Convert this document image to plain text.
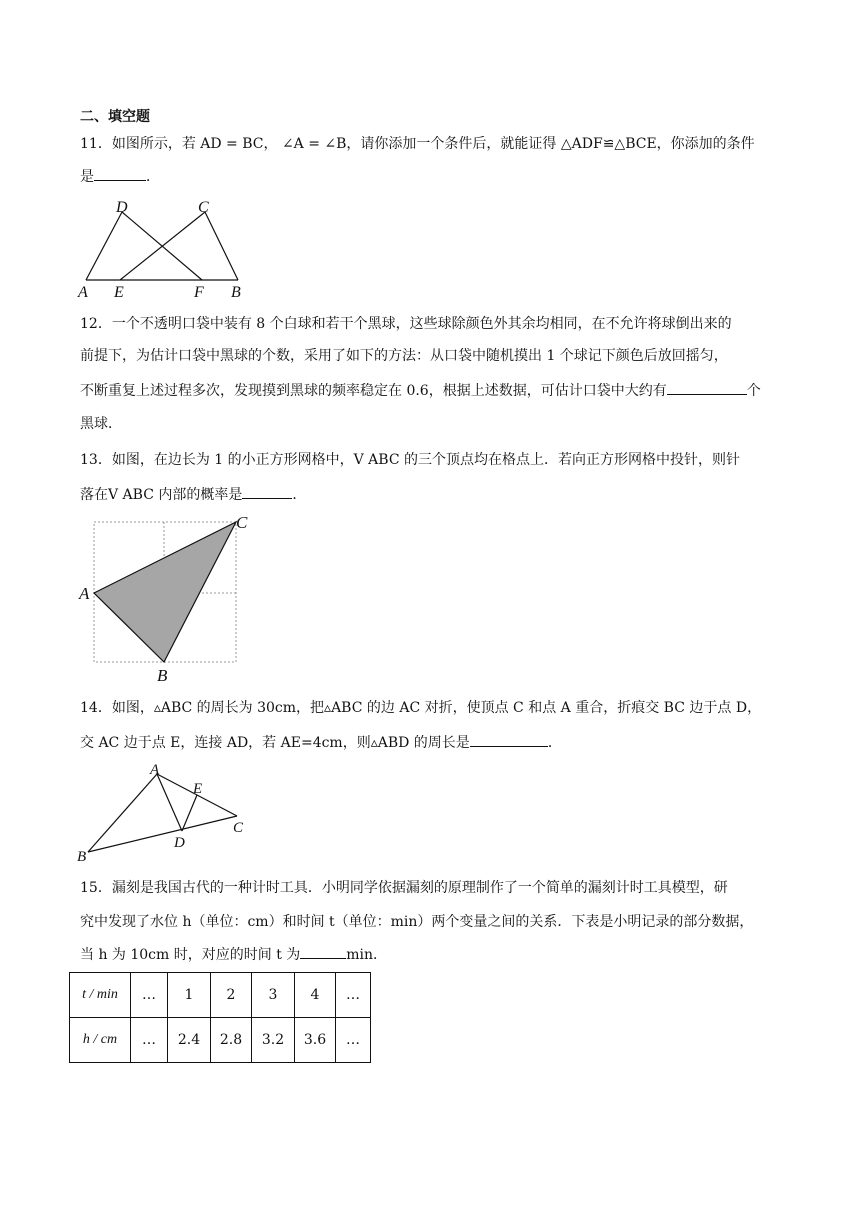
二、填空题
11．如图所示，若 AD = BC， ∠A = ∠B，请你添加一个条件后，就能证得 △ADF≌△BCE，你添加的条件
是	．
D	C
A E	F B
12．一个不透明口袋中装有 8 个白球和若干个黑球，这些球除颜色外其余均相同，在不允许将球倒出来的
前提下，为估计口袋中黑球的个数，采用了如下的方法：从口袋中随机摸出 1 个球记下颜色后放回摇匀，
不断重复上述过程多次，发现摸到黑球的频率稳定在 0.6，根据上述数据，可估计口袋中大约有	个
黑球．
13．如图，在边长为 1 的小正方形网格中，V ABC 的三个顶点均在格点上．若向正方形网格中投针，则针
落在V ABC 内部的概率是	．
A
C
B
14．如图，▵ABC 的周长为 30cm，把▵ABC 的边 AC 对折，使顶点 C 和点 A 重合，折痕交 BC 边于点 D，
交 AC 边于点 E，连接 AD，若 AE=4cm，则▵ABD 的周长是	．
A
E
C
D
B
15．漏刻是我国古代的一种计时工具．小明同学依据漏刻的原理制作了一个简单的漏刻计时工具模型，研
究中发现了水位 h（单位：cm）和时间 t（单位：min）两个变量之间的关系．下表是小明记录的部分数据，
当 h 为 10cm 时，对应的时间 t 为	min．
t / min	…	1	2	3	4	…
h / cm	…	2.4	2.8	3.2	3.6	…
